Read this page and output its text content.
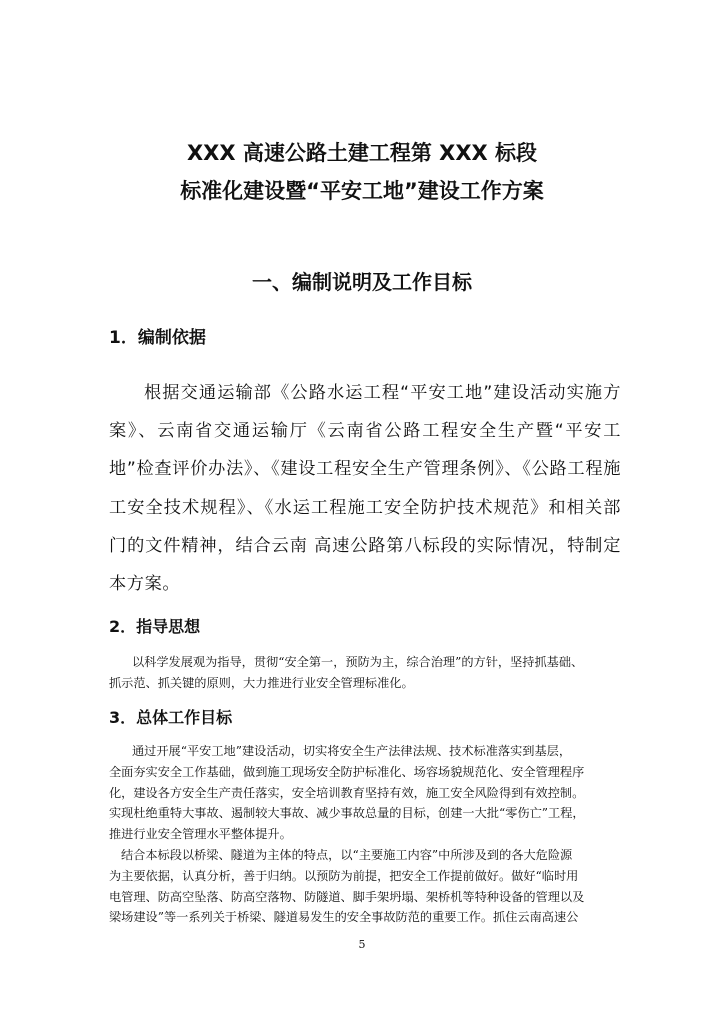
XXX 高速公路土建工程第 XXX 标段
标准化建设暨“平安工地”建设工作方案
一、编制说明及工作目标
1．编制依据

根据交通运输部《公路水运工程“平安工地”建设活动实施方案》、云南省交通运输厅《云南省公路工程安全生产暨“平安工地”检查评价办法》、《建设工程安全生产管理条例》、《公路工程施工安全技术规程》、《水运工程施工安全防护技术规范》和相关部门的文件精神，结合云南 高速公路第八标段的实际情况，特制定本方案。

2．指导思想
以科学发展观为指导，贯彻“安全第一，预防为主，综合治理”的方针，坚持抓基础、
抓示范、抓关键的原则，大力推进行业安全管理标准化。
3．总体工作目标
通过开展“平安工地”建设活动，切实将安全生产法律法规、技术标准落实到基层，
全面夯实安全工作基础，做到施工现场安全防护标准化、场容场貌规范化、安全管理程序
化，建设各方安全生产责任落实，安全培训教育坚持有效，施工安全风险得到有效控制。
实现杜绝重特大事故、遏制较大事故、减少事故总量的目标，创建一大批“零伤亡”工程，
推进行业安全管理水平整体提升。
结合本标段以桥梁、隧道为主体的特点，以“主要施工内容”中所涉及到的各大危险源
为主要依据，认真分析，善于归纳。以预防为前提，把安全工作提前做好。做好“临时用
电管理、防高空坠落、防高空落物、防隧道、脚手架坍塌、架桥机等特种设备的管理以及
梁场建设”等一系列关于桥梁、隧道易发生的安全事故防范的重要工作。抓住云南高速公
5
